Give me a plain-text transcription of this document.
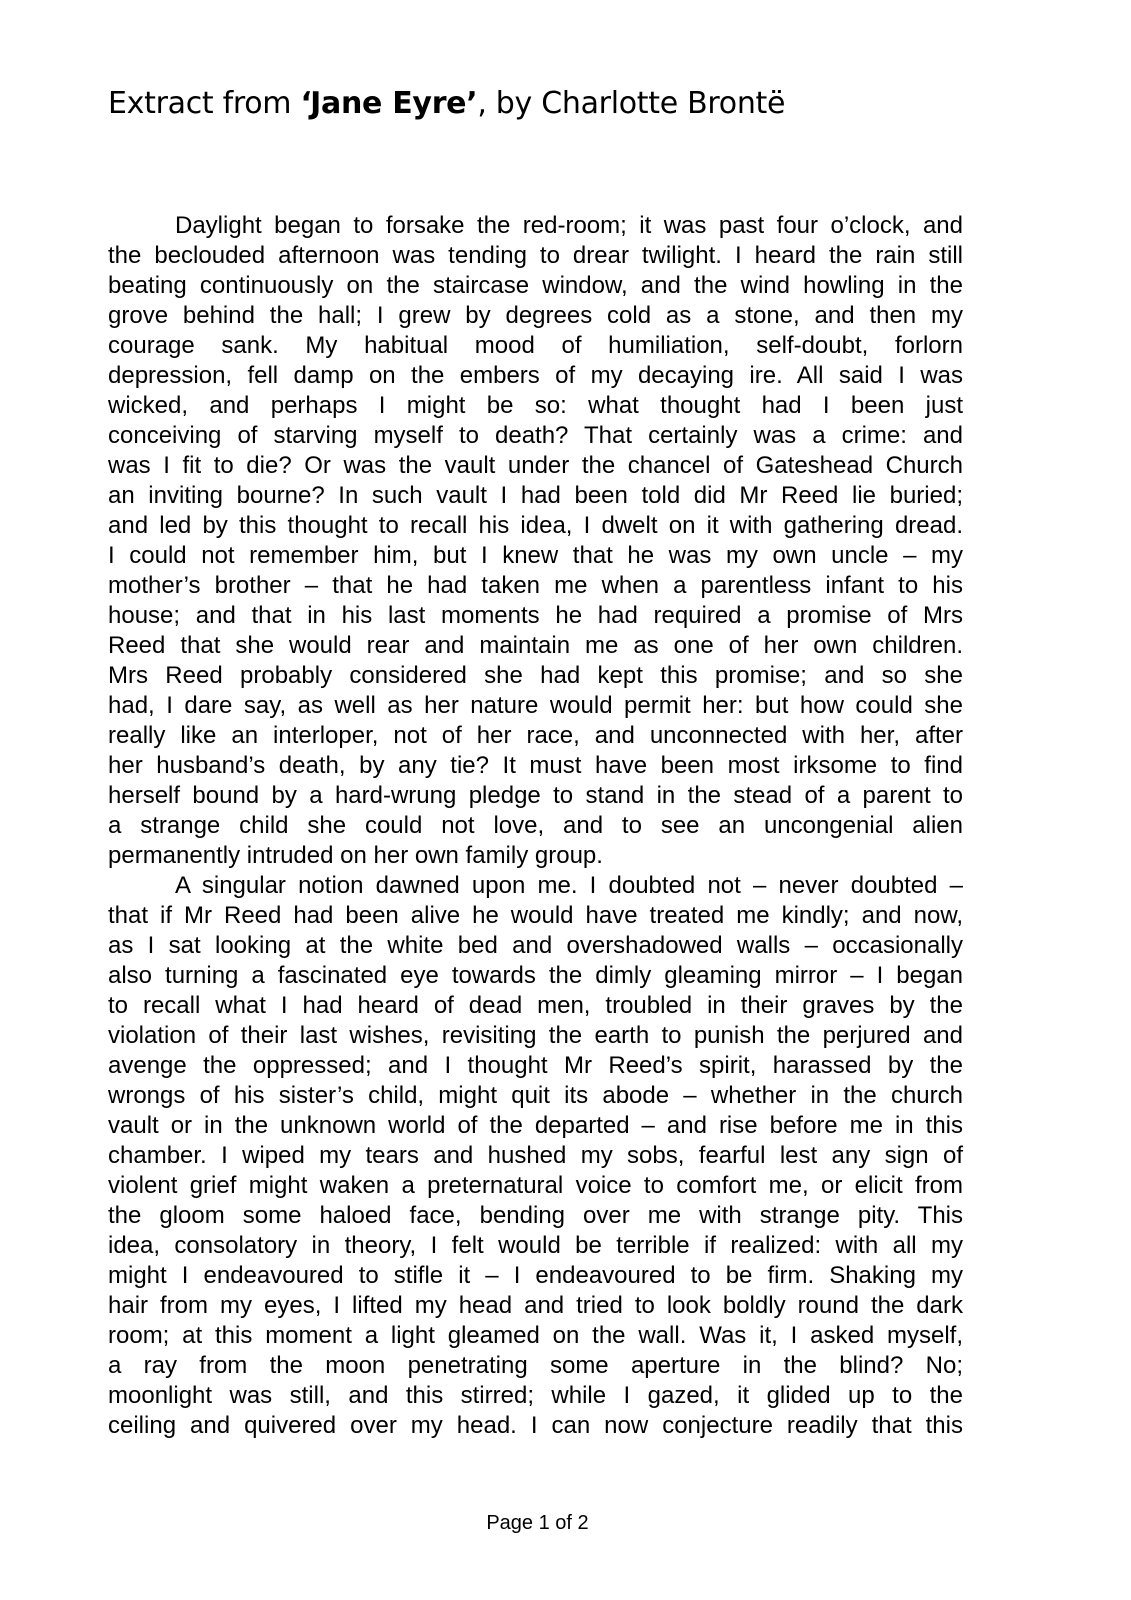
Extract from ‘Jane Eyre’, by Charlotte Brontë
Daylight began to forsake the red-room; it was past four o’clock, and
the beclouded afternoon was tending to drear twilight. I heard the rain still
beating continuously on the staircase window, and the wind howling in the
grove behind the hall; I grew by degrees cold as a stone, and then my
courage sank. My habitual mood of humiliation, self-doubt, forlorn
depression, fell damp on the embers of my decaying ire. All said I was
wicked, and perhaps I might be so: what thought had I been just
conceiving of starving myself to death? That certainly was a crime: and
was I fit to die? Or was the vault under the chancel of Gateshead Church
an inviting bourne? In such vault I had been told did Mr Reed lie buried;
and led by this thought to recall his idea, I dwelt on it with gathering dread.
I could not remember him, but I knew that he was my own uncle – my
mother’s brother – that he had taken me when a parentless infant to his
house; and that in his last moments he had required a promise of Mrs
Reed that she would rear and maintain me as one of her own children.
Mrs Reed probably considered she had kept this promise; and so she
had, I dare say, as well as her nature would permit her: but how could she
really like an interloper, not of her race, and unconnected with her, after
her husband’s death, by any tie? It must have been most irksome to find
herself bound by a hard-wrung pledge to stand in the stead of a parent to
a strange child she could not love, and to see an uncongenial alien
permanently intruded on her own family group.
A singular notion dawned upon me. I doubted not – never doubted –
that if Mr Reed had been alive he would have treated me kindly; and now,
as I sat looking at the white bed and overshadowed walls – occasionally
also turning a fascinated eye towards the dimly gleaming mirror – I began
to recall what I had heard of dead men, troubled in their graves by the
violation of their last wishes, revisiting the earth to punish the perjured and
avenge the oppressed; and I thought Mr Reed’s spirit, harassed by the
wrongs of his sister’s child, might quit its abode – whether in the church
vault or in the unknown world of the departed – and rise before me in this
chamber. I wiped my tears and hushed my sobs, fearful lest any sign of
violent grief might waken a preternatural voice to comfort me, or elicit from
the gloom some haloed face, bending over me with strange pity. This
idea, consolatory in theory, I felt would be terrible if realized: with all my
might I endeavoured to stifle it – I endeavoured to be firm. Shaking my
hair from my eyes, I lifted my head and tried to look boldly round the dark
room; at this moment a light gleamed on the wall. Was it, I asked myself,
a ray from the moon penetrating some aperture in the blind? No;
moonlight was still, and this stirred; while I gazed, it glided up to the
ceiling and quivered over my head. I can now conjecture readily that this
Page 1 of 2
